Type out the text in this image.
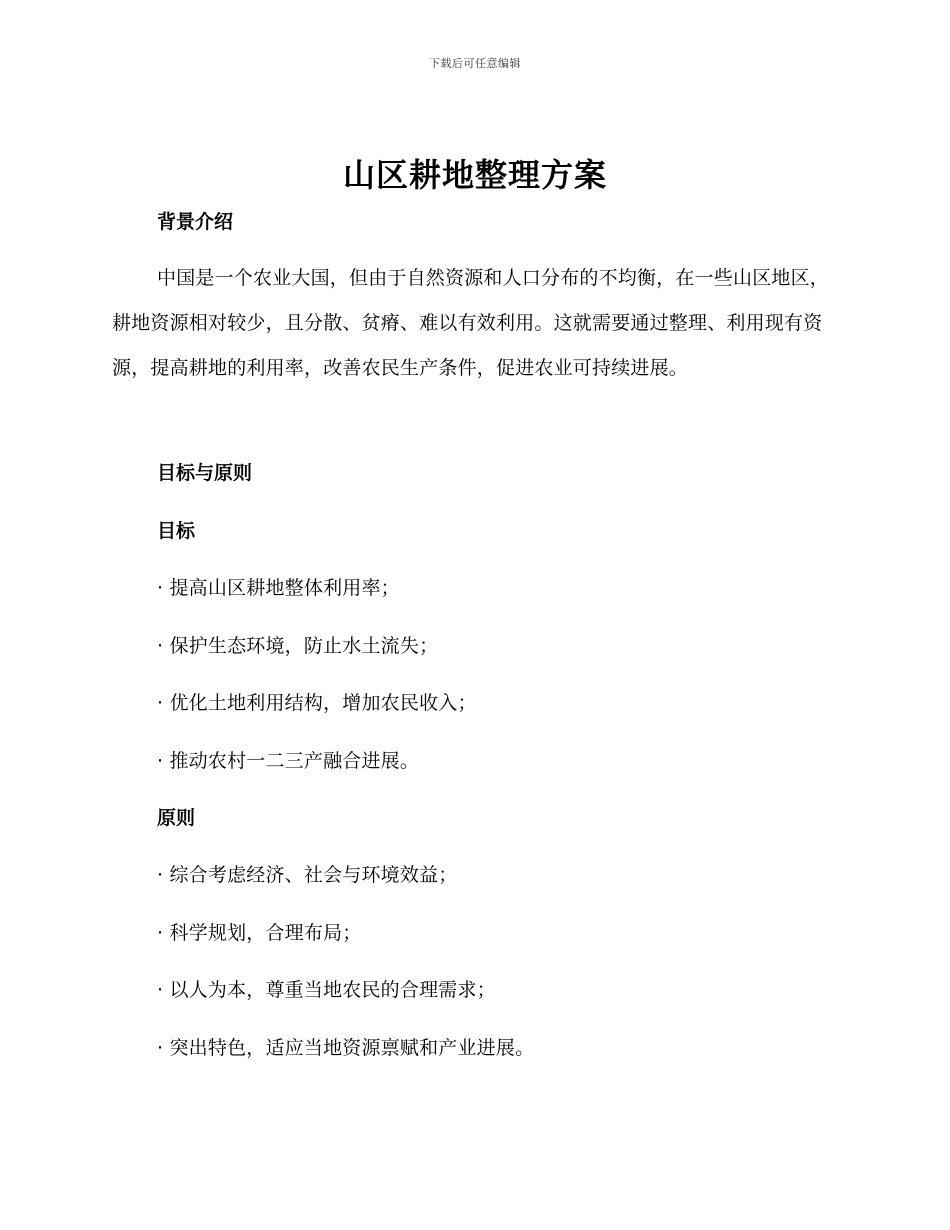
下载后可任意编辑
山区耕地整理方案
背景介绍

中国是一个农业大国，但由于自然资源和人口分布的不均衡，在一些山区地区，耕地资源相对较少，且分散、贫瘠、难以有效利用。这就需要通过整理、利用现有资源，提高耕地的利用率，改善农民生产条件，促进农业可持续进展。

目标与原则
目标

· 提高山区耕地整体利用率；

· 保护生态环境，防止水土流失；

· 优化土地利用结构，增加农民收入；

· 推动农村一二三产融合进展。

原则

· 综合考虑经济、社会与环境效益；

· 科学规划，合理布局；

· 以人为本，尊重当地农民的合理需求；

· 突出特色，适应当地资源禀赋和产业进展。
